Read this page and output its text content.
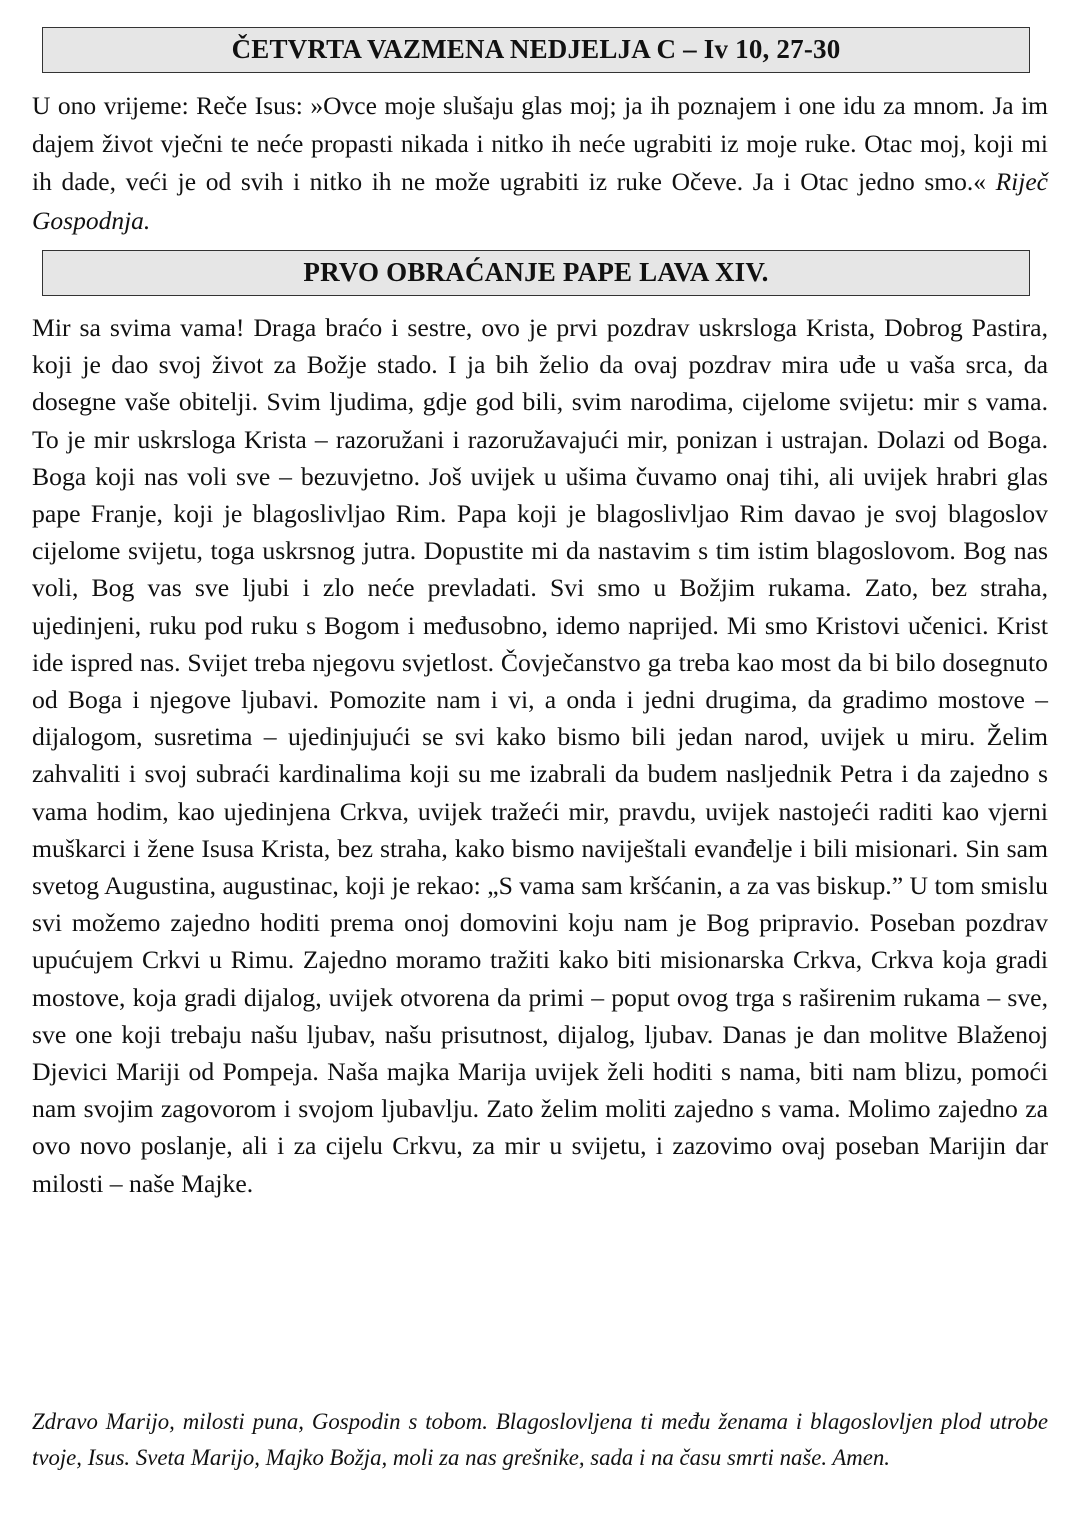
ČETVRTA VAZMENA NEDJELJA C – Iv 10, 27-30

U ono vrijeme: Reče Isus: »Ovce moje slušaju glas moj; ja ih poznajem i one idu za mnom. Ja im dajem život vječni te neće propasti nikada i nitko ih neće ugrabiti iz moje ruke. Otac moj, koji mi ih dade, veći je od svih i nitko ih ne može ugrabiti iz ruke Očeve. Ja i Otac jedno smo.« Riječ Gospodnja.

PRVO OBRAĆANJE PAPE LAVA XIV.

Mir sa svima vama! Draga braćo i sestre, ovo je prvi pozdrav uskrsloga Krista, Dobrog Pastira, koji je dao svoj život za Božje stado. I ja bih želio da ovaj pozdrav mira uđe u vaša srca, da dosegne vaše obitelji. Svim ljudima, gdje god bili, svim narodima, cijelome svijetu: mir s vama. To je mir uskrsloga Krista – razoružani i razoružavajući mir, ponizan i ustrajan. Dolazi od Boga. Boga koji nas voli sve – bezuvjetno. Još uvijek u ušima čuvamo onaj tihi, ali uvijek hrabri glas pape Franje, koji je blagoslivljao Rim. Papa koji je blagoslivljao Rim davao je svoj blagoslov cijelome svijetu, toga uskrsnog jutra. Dopustite mi da nastavim s tim istim blagoslovom. Bog nas voli, Bog vas sve ljubi i zlo neće prevladati. Svi smo u Božjim rukama. Zato, bez straha, ujedinjeni, ruku pod ruku s Bogom i međusobno, idemo naprijed. Mi smo Kristovi učenici. Krist ide ispred nas. Svijet treba njegovu svjetlost. Čovječanstvo ga treba kao most da bi bilo dosegnuto od Boga i njegove ljubavi. Pomozite nam i vi, a onda i jedni drugima, da gradimo mostove – dijalogom, susretima – ujedinjujući se svi kako bismo bili jedan narod, uvijek u miru. Želim zahvaliti i svoj subraći kardinalima koji su me izabrali da budem nasljednik Petra i da zajedno s vama hodim, kao ujedinjena Crkva, uvijek tražeći mir, pravdu, uvijek nastojeći raditi kao vjerni muškarci i žene Isusa Krista, bez straha, kako bismo naviještali evanđelje i bili misionari. Sin sam svetog Augustina, augustinac, koji je rekao: „S vama sam kršćanin, a za vas biskup.” U tom smislu svi možemo zajedno hoditi prema onoj domovini koju nam je Bog pripravio. Poseban pozdrav upućujem Crkvi u Rimu. Zajedno moramo tražiti kako biti misionarska Crkva, Crkva koja gradi mostove, koja gradi dijalog, uvijek otvorena da primi – poput ovog trga s raširenim rukama – sve, sve one koji trebaju našu ljubav, našu prisutnost, dijalog, ljubav. Danas je dan molitve Blaženoj Djevici Mariji od Pompeja. Naša majka Marija uvijek želi hoditi s nama, biti nam blizu, pomoći nam svojim zagovorom i svojom ljubavlju. Zato želim moliti zajedno s vama. Molimo zajedno za ovo novo poslanje, ali i za cijelu Crkvu, za mir u svijetu, i zazovimo ovaj poseban Marijin dar milosti – naše Majke.

Zdravo Marijo, milosti puna, Gospodin s tobom. Blagoslovljena ti među ženama i blagoslovljen plod utrobe tvoje, Isus. Sveta Marijo, Majko Božja, moli za nas grešnike, sada i na času smrti naše. Amen.
